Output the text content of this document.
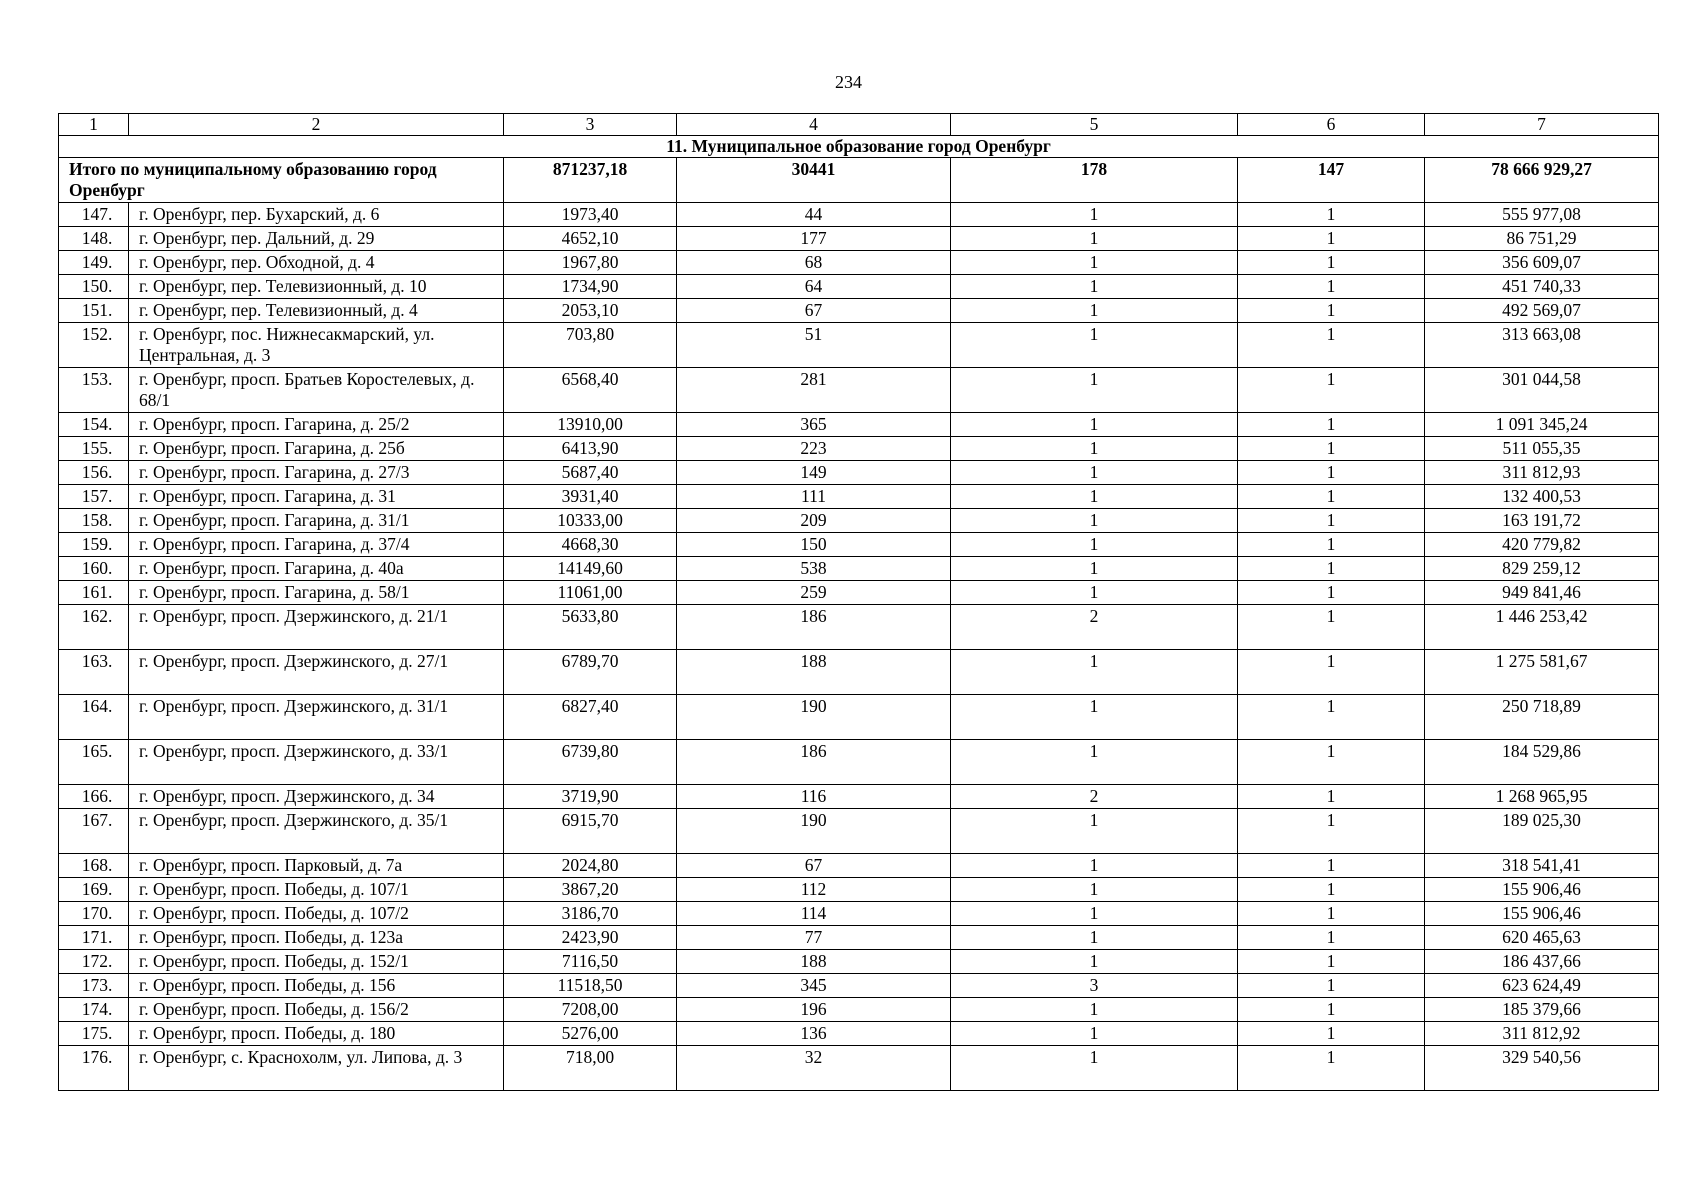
234
1	2	3	4	5	6	7
11. Муниципальное образование город Оренбург						
Итого по муниципальному образованию город Оренбург		871237,18	30441	178	147	78 666 929,27
147.	г. Оренбург, пер. Бухарский, д. 6	1973,40	44	1	1	555 977,08
148.	г. Оренбург, пер. Дальний, д. 29	4652,10	177	1	1	86 751,29
149.	г. Оренбург, пер. Обходной, д. 4	1967,80	68	1	1	356 609,07
150.	г. Оренбург, пер. Телевизионный, д. 10	1734,90	64	1	1	451 740,33
151.	г. Оренбург, пер. Телевизионный, д. 4	2053,10	67	1	1	492 569,07
152.	г. Оренбург, пос. Нижнесакмарский, ул. Центральная, д. 3	703,80	51	1	1	313 663,08
153.	г. Оренбург, просп. Братьев Коростелевых, д. 68/1	6568,40	281	1	1	301 044,58
154.	г. Оренбург, просп. Гагарина, д. 25/2	13910,00	365	1	1	1 091 345,24
155.	г. Оренбург, просп. Гагарина, д. 25б	6413,90	223	1	1	511 055,35
156.	г. Оренбург, просп. Гагарина, д. 27/3	5687,40	149	1	1	311 812,93
157.	г. Оренбург, просп. Гагарина, д. 31	3931,40	111	1	1	132 400,53
158.	г. Оренбург, просп. Гагарина, д. 31/1	10333,00	209	1	1	163 191,72
159.	г. Оренбург, просп. Гагарина, д. 37/4	4668,30	150	1	1	420 779,82
160.	г. Оренбург, просп. Гагарина, д. 40а	14149,60	538	1	1	829 259,12
161.	г. Оренбург, просп. Гагарина, д. 58/1	11061,00	259	1	1	949 841,46
162.	г. Оренбург, просп. Дзержинского, д. 21/1	5633,80	186	2	1	1 446 253,42
163.	г. Оренбург, просп. Дзержинского, д. 27/1	6789,70	188	1	1	1 275 581,67
164.	г. Оренбург, просп. Дзержинского, д. 31/1	6827,40	190	1	1	250 718,89
165.	г. Оренбург, просп. Дзержинского, д. 33/1	6739,80	186	1	1	184 529,86
166.	г. Оренбург, просп. Дзержинского, д. 34	3719,90	116	2	1	1 268 965,95
167.	г. Оренбург, просп. Дзержинского, д. 35/1	6915,70	190	1	1	189 025,30
168.	г. Оренбург, просп. Парковый, д. 7а	2024,80	67	1	1	318 541,41
169.	г. Оренбург, просп. Победы, д. 107/1	3867,20	112	1	1	155 906,46
170.	г. Оренбург, просп. Победы, д. 107/2	3186,70	114	1	1	155 906,46
171.	г. Оренбург, просп. Победы, д. 123а	2423,90	77	1	1	620 465,63
172.	г. Оренбург, просп. Победы, д. 152/1	7116,50	188	1	1	186 437,66
173.	г. Оренбург, просп. Победы, д. 156	11518,50	345	3	1	623 624,49
174.	г. Оренбург, просп. Победы, д. 156/2	7208,00	196	1	1	185 379,66
175.	г. Оренбург, просп. Победы, д. 180	5276,00	136	1	1	311 812,92
176.	г. Оренбург, с. Краснохолм, ул. Липова, д. 3	718,00	32	1	1	329 540,56
